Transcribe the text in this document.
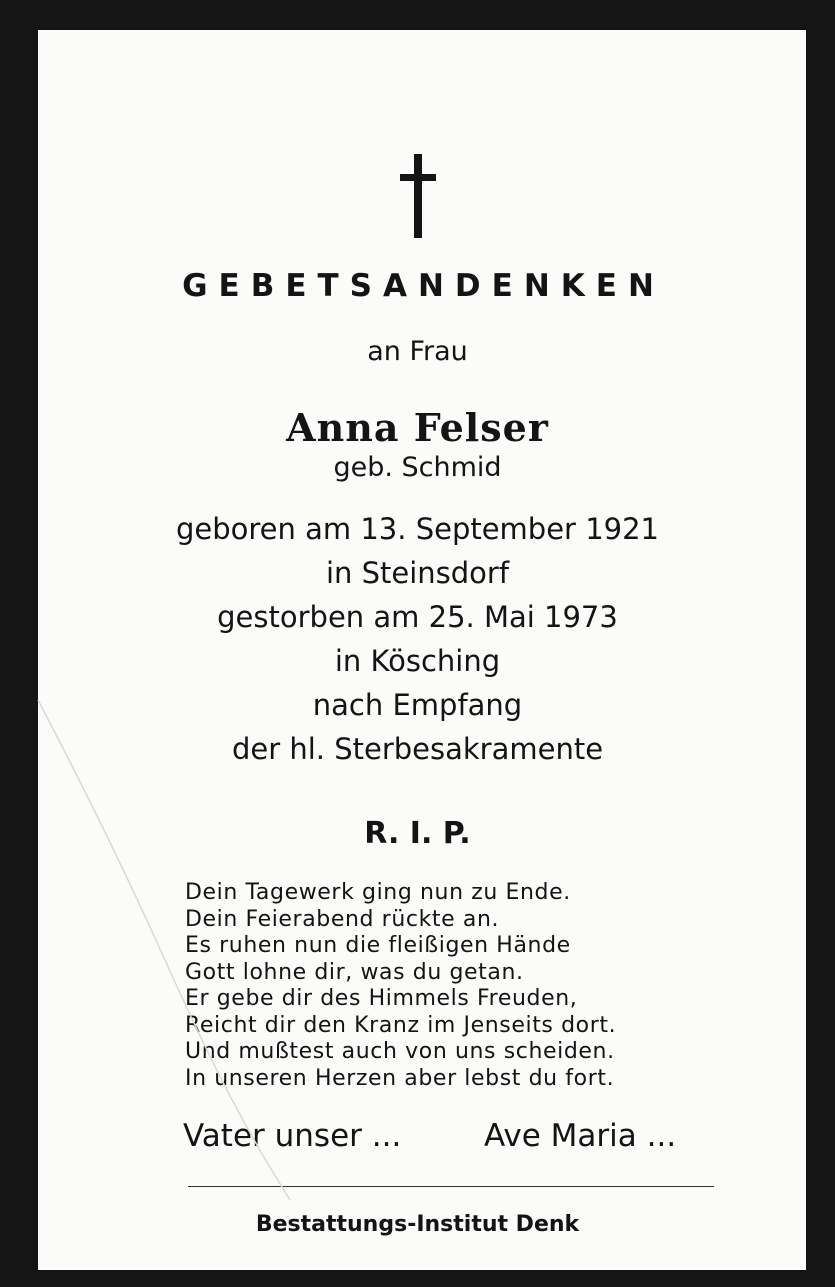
GEBETSANDENKEN
an Frau
Anna Felser
geb. Schmid
geboren am 13. September 1921
in Steinsdorf
gestorben am 25. Mai 1973
in Kösching
nach Empfang
der hl. Sterbesakramente
R. I. P.
Dein Tagewerk ging nun zu Ende.
Dein Feierabend rückte an.
Es ruhen nun die fleißigen Hände
Gott lohne dir, was du getan.
Er gebe dir des Himmels Freuden,
Reicht dir den Kranz im Jenseits dort.
Und mußtest auch von uns scheiden.
In unseren Herzen aber lebst du fort.
Vater unser ...	Ave Maria ...
Bestattungs-Institut Denk
